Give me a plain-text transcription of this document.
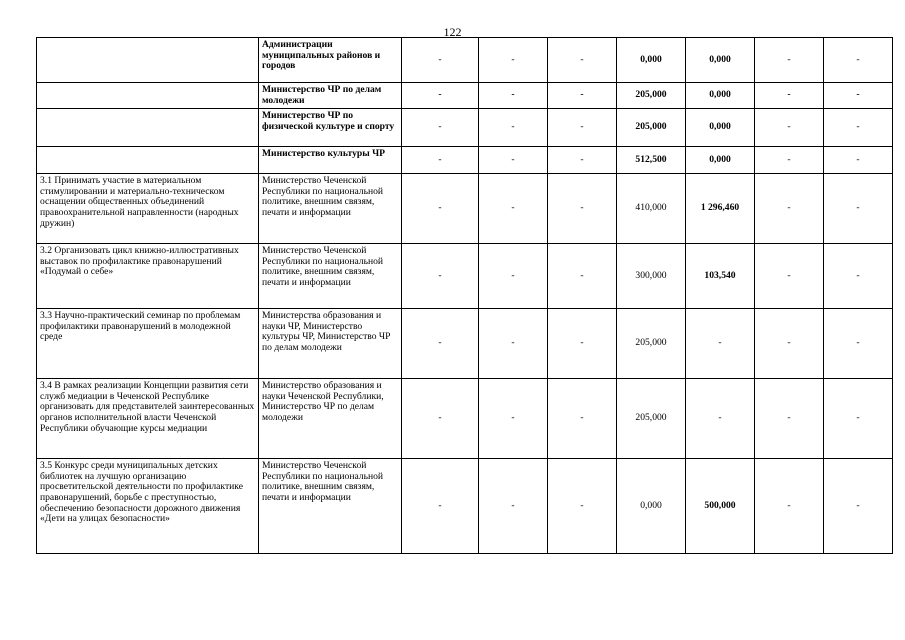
122
	Администрации муниципальных районов и городов	-	-	-	0,000	0,000	-	-
	Министерство ЧР по делам молодежи	-	-	-	205,000	0,000	-	-
	Министерство ЧР по физической культуре и спорту	-	-	-	205,000	0,000	-	-
	Министерство культуры ЧР	-	-	-	512,500	0,000	-	-
3.1 Принимать участие в материальном стимулировании и материально-техническом оснащении общественных объединений правоохранительной направленности (народных дружин)	Министерство Чеченской Республики по национальной политике, внешним связям, печати и информации	-	-	-	410,000	1 296,460	-	-
3.2 Организовать цикл книжно-иллюстративных выставок по профилактике правонарушений «Подумай о себе»	Министерство Чеченской Республики по национальной политике, внешним связям, печати и информации	-	-	-	300,000	103,540	-	-
3.3 Научно-практический семинар по проблемам профилактики правонарушений в молодежной среде	Министерства образования и науки ЧР, Министерство культуры ЧР, Министерство ЧР по делам молодежи	-	-	-	205,000	-	-	-
3.4 В рамках реализации Концепции развития сети служб медиации в Чеченской Республике организовать для представителей заинтересованных органов исполнительной власти Чеченской Республики обучающие курсы медиации	Министерство образования и науки Чеченской Республики, Министерство ЧР по делам молодежи	-	-	-	205,000	-	-	-
3.5 Конкурс среди муниципальных детских библиотек на лучшую организацию просветительской деятельности по профилактике правонарушений, борьбе с преступностью, обеспечению безопасности дорожного движения «Дети на улицах безопасности»	Министерство Чеченской Республики по национальной политике, внешним связям, печати и информации	-	-	-	0,000	500,000	-	-
